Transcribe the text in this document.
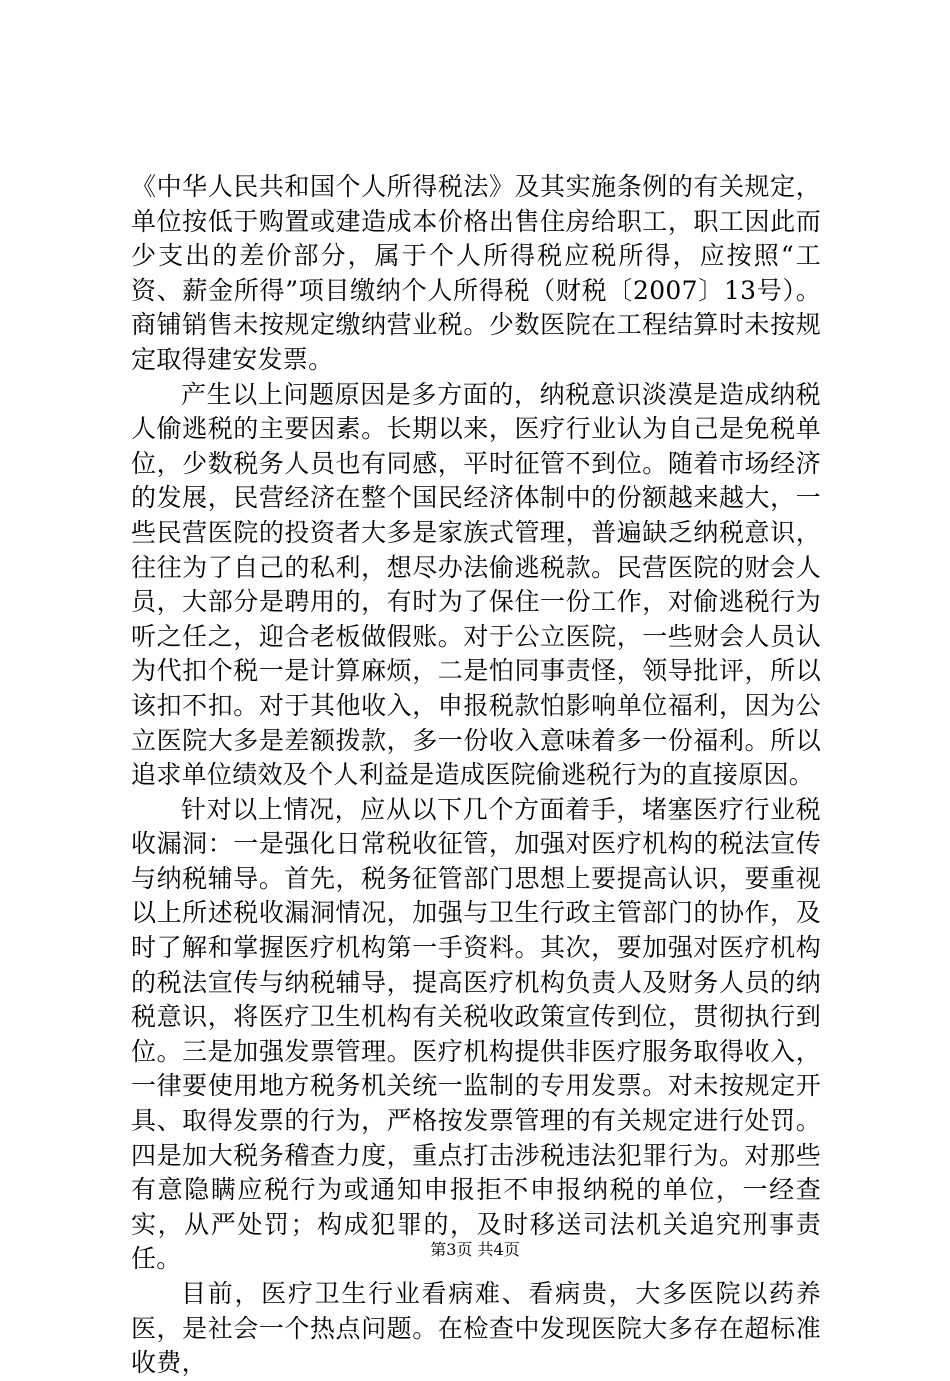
《中华人民共和国个人所得税法》及其实施条例的有关规定，单位按低于购置或建造成本价格出售住房给职工，职工因此而少支出的差价部分，属于个人所得税应税所得，应按照“工资、薪金所得”项目缴纳个人所得税（财税〔2007〕13号）。商铺销售未按规定缴纳营业税。少数医院在工程结算时未按规定取得建安发票。

产生以上问题原因是多方面的，纳税意识淡漠是造成纳税人偷逃税的主要因素。长期以来，医疗行业认为自己是免税单位，少数税务人员也有同感，平时征管不到位。随着市场经济的发展，民营经济在整个国民经济体制中的份额越来越大，一些民营医院的投资者大多是家族式管理，普遍缺乏纳税意识，往往为了自己的私利，想尽办法偷逃税款。民营医院的财会人员，大部分是聘用的，有时为了保住一份工作，对偷逃税行为听之任之，迎合老板做假账。对于公立医院，一些财会人员认为代扣个税一是计算麻烦，二是怕同事责怪，领导批评，所以该扣不扣。对于其他收入，申报税款怕影响单位福利，因为公立医院大多是差额拨款，多一份收入意味着多一份福利。所以追求单位绩效及个人利益是造成医院偷逃税行为的直接原因。

针对以上情况，应从以下几个方面着手，堵塞医疗行业税收漏洞：一是强化日常税收征管，加强对医疗机构的税法宣传与纳税辅导。首先，税务征管部门思想上要提高认识，要重视以上所述税收漏洞情况，加强与卫生行政主管部门的协作，及时了解和掌握医疗机构第一手资料。其次，要加强对医疗机构的税法宣传与纳税辅导，提高医疗机构负责人及财务人员的纳税意识，将医疗卫生机构有关税收政策宣传到位，贯彻执行到位。三是加强发票管理。医疗机构提供非医疗服务取得收入，一律要使用地方税务机关统一监制的专用发票。对未按规定开具、取得发票的行为，严格按发票管理的有关规定进行处罚。四是加大税务稽查力度，重点打击涉税违法犯罪行为。对那些有意隐瞒应税行为或通知申报拒不申报纳税的单位，一经查实，从严处罚；构成犯罪的，及时移送司法机关追究刑事责任。

目前，医疗卫生行业看病难、看病贵，大多医院以药养医，是社会一个热点问题。在检查中发现医院大多存在超标准收费，

第3页 共4页
